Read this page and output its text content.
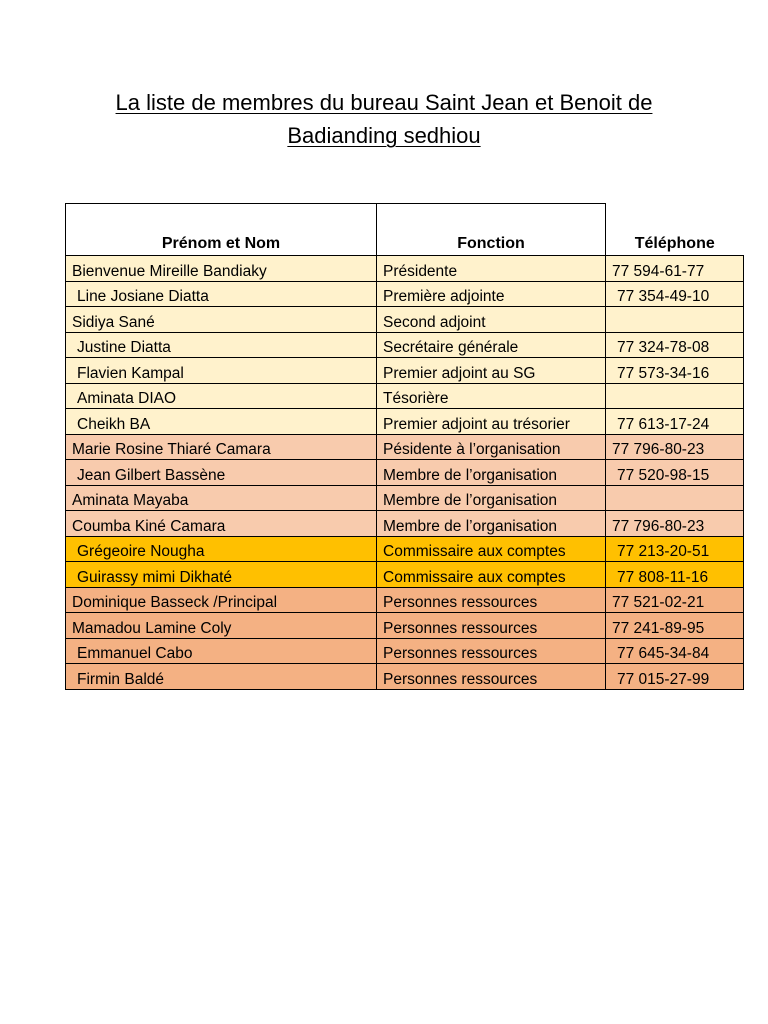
La liste de membres du bureau Saint Jean et Benoit de
Badianding sedhiou
Prénom et Nom	Fonction	Téléphone
Bienvenue Mireille Bandiaky	Présidente	77 594-61-77
Line Josiane Diatta	Première adjointe	77 354-49-10
Sidiya Sané	Second adjoint	
Justine Diatta	Secrétaire générale	77 324-78-08
Flavien Kampal	Premier adjoint au SG	77 573-34-16
Aminata DIAO	Tésorière	
Cheikh BA	Premier adjoint au trésorier	77 613-17-24
Marie Rosine Thiaré Camara	Pésidente à l’organisation	77 796-80-23
Jean Gilbert Bassène	Membre de l’organisation	77 520-98-15
Aminata Mayaba	Membre de l’organisation	
Coumba Kiné Camara	Membre de l’organisation	77 796-80-23
Grégeoire Nougha	Commissaire aux comptes	77 213-20-51
Guirassy mimi Dikhaté	Commissaire aux comptes	77 808-11-16
Dominique Basseck /Principal	Personnes ressources	77 521-02-21
Mamadou Lamine Coly	Personnes ressources	77 241-89-95
Emmanuel Cabo	Personnes ressources	77 645-34-84
Firmin Baldé	Personnes ressources	77 015-27-99
